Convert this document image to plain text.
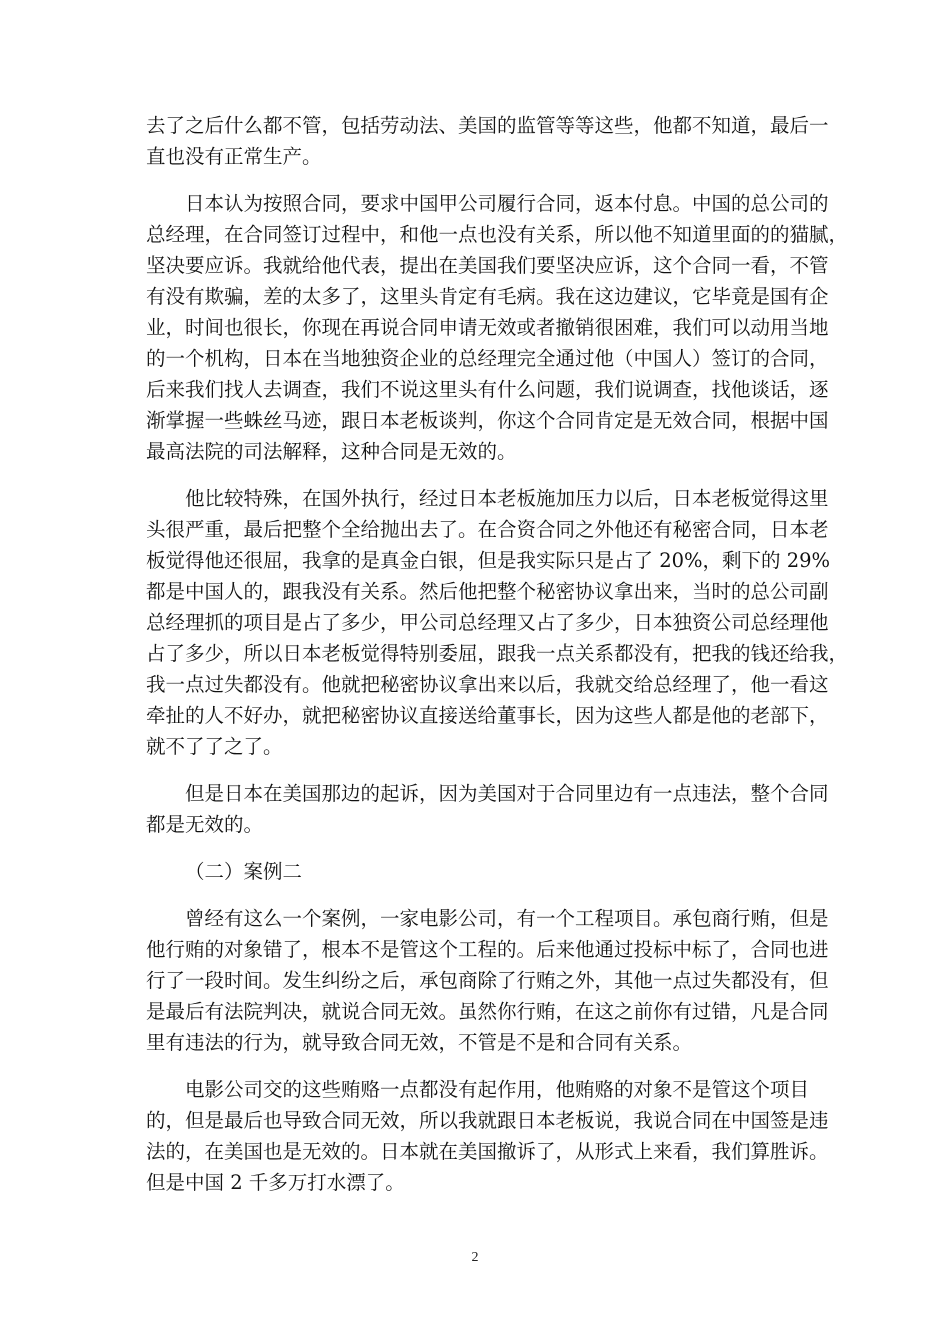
去了之后什么都不管，包括劳动法、美国的监管等等这些，他都不知道，最后一
直也没有正常生产。

日本认为按照合同，要求中国甲公司履行合同，返本付息。中国的总公司的
总经理，在合同签订过程中，和他一点也没有关系，所以他不知道里面的的猫腻，
坚决要应诉。我就给他代表，提出在美国我们要坚决应诉，这个合同一看，不管
有没有欺骗，差的太多了，这里头肯定有毛病。我在这边建议，它毕竟是国有企
业，时间也很长，你现在再说合同申请无效或者撤销很困难，我们可以动用当地
的一个机构，日本在当地独资企业的总经理完全通过他（中国人）签订的合同，
后来我们找人去调查，我们不说这里头有什么问题，我们说调查，找他谈话，逐
渐掌握一些蛛丝马迹，跟日本老板谈判，你这个合同肯定是无效合同，根据中国
最高法院的司法解释，这种合同是无效的。

他比较特殊，在国外执行，经过日本老板施加压力以后，日本老板觉得这里
头很严重，最后把整个全给抛出去了。在合资合同之外他还有秘密合同，日本老
板觉得他还很屈，我拿的是真金白银，但是我实际只是占了 20%，剩下的 29%
都是中国人的，跟我没有关系。然后他把整个秘密协议拿出来，当时的总公司副
总经理抓的项目是占了多少，甲公司总经理又占了多少，日本独资公司总经理他
占了多少，所以日本老板觉得特别委屈，跟我一点关系都没有，把我的钱还给我，
我一点过失都没有。他就把秘密协议拿出来以后，我就交给总经理了，他一看这
牵扯的人不好办，就把秘密协议直接送给董事长，因为这些人都是他的老部下，
就不了了之了。

但是日本在美国那边的起诉，因为美国对于合同里边有一点违法，整个合同
都是无效的。

（二）案例二

曾经有这么一个案例，一家电影公司，有一个工程项目。承包商行贿，但是
他行贿的对象错了，根本不是管这个工程的。后来他通过投标中标了，合同也进
行了一段时间。发生纠纷之后，承包商除了行贿之外，其他一点过失都没有，但
是最后有法院判决，就说合同无效。虽然你行贿，在这之前你有过错，凡是合同
里有违法的行为，就导致合同无效，不管是不是和合同有关系。

电影公司交的这些贿赂一点都没有起作用，他贿赂的对象不是管这个项目
的，但是最后也导致合同无效，所以我就跟日本老板说，我说合同在中国签是违
法的，在美国也是无效的。日本就在美国撤诉了，从形式上来看，我们算胜诉。
但是中国 2 千多万打水漂了。

2
